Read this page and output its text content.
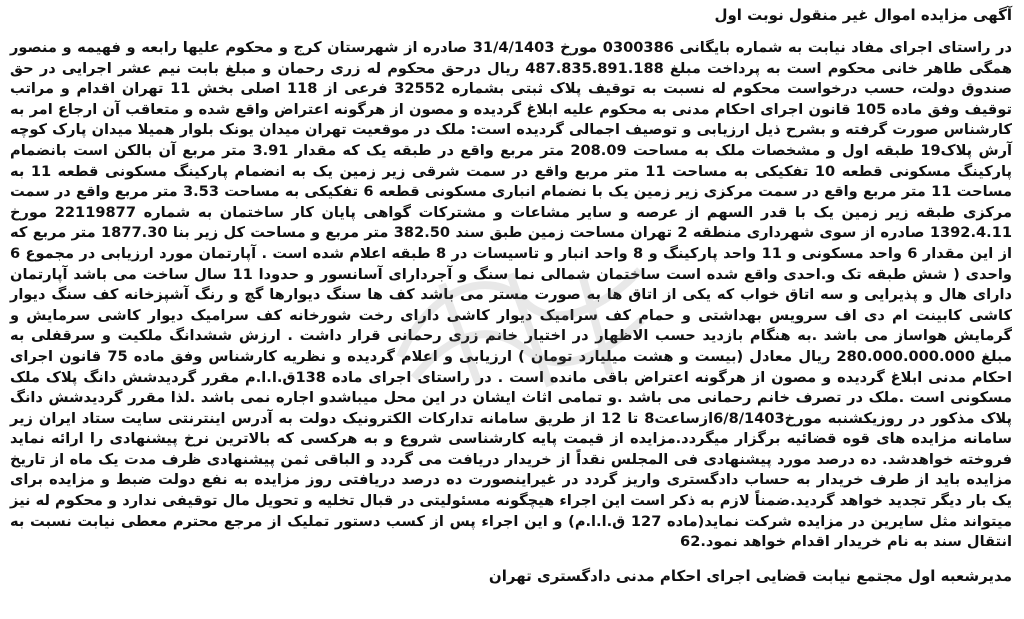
آگهی مزایده اموال غیر منقول نوبت اول

در راستای اجرای مفاد نیابت به شماره بایگانی 0300386 مورخ 31/4/1403 صادره از شهرستان کرج و محکوم علیها رابعه و فهیمه و منصور همگی طاهر خانی محکوم است به پرداخت مبلغ 487.835.891.188 ریال درحق محکوم له زری رحمان و مبلغ بابت نیم عشر اجرایی در حق صندوق دولت، حسب درخواست محکوم له نسبت به توقیف پلاک ثبتی بشماره 32552 فرعی از 118 اصلی بخش 11 تهران اقدام و مراتب توقیف وفق ماده 105 قانون اجرای احکام مدنی به محکوم علیه ابلاغ گردیده و مصون از هرگونه اعتراض واقع شده و متعاقب آن ارجاع امر به کارشناس صورت گرفته و بشرح ذیل ارزیابی و توصیف اجمالی گردیده است: ملک در موقعیت تهران میدان یونک بلوار همیلا میدان پارک کوچه آرش پلاک19 طبقه اول و مشخصات ملک به مساحت 208.09 متر مربع واقع در طبقه یک که مقدار 3.91 متر مربع آن بالکن است بانضمام پارکینگ مسکونی قطعه 10 تفکیکی به مساحت 11 متر مربع واقع در سمت شرقی زیر زمین یک به انضمام پارکینگ مسکونی قطعه 11 به مساحت 11 متر مربع واقع در سمت مرکزی زیر زمین یک با نضمام انباری مسکونی قطعه 6 تفکیکی به مساحت 3.53 متر مربع واقع در سمت مرکزی طبقه زیر زمین یک با قدر السهم از عرصه و سایر مشاعات و مشترکات گواهی پایان کار ساختمان به شماره 22119877 مورخ 1392.4.11 صادره از سوی شهرداری منطقه 2 تهران مساحت زمین طبق سند 382.50 متر مربع و مساحت کل زیر بنا 1877.30 متر مربع که از این مقدار 6 واحد مسکونی و 11 واحد پارکینگ و 8 واحد انبار و تاسیسات در 8 طبقه اعلام شده است . آپارتمان مورد ارزیابی در مجموع 6 واحدی ( شش طبقه تک و.احدی واقع شده است ساختمان شمالی نما سنگ و آجردارای آسانسور و حدودا 11 سال ساخت می باشد آپارتمان دارای هال و پذیرایی و سه اتاق خواب که یکی از اتاق ها به صورت مستر می باشد کف ها سنگ دیوارها گچ و رنگ آشپزخانه کف سنگ دیوار کاشی کابینت ام دی اف سرویس بهداشتی و حمام کف سرامیک دیوار کاشی دارای رخت شورخانه کف سرامیک دیوار کاشی سرمایش و گرمایش هواساز می باشد .به هنگام بازدید حسب الاظهار در اختیار خانم زری رحمانی قرار داشت . ارزش ششدانگ ملکیت و سرقفلی به مبلغ 280.000.000.000 ریال معادل (بیست و هشت میلیارد تومان ) ارزیابی و اعلام گردیده و نظریه کارشناس وفق ماده 75 قانون اجرای احکام مدنی ابلاغ گردیده و مصون از هرگونه اعتراض باقی مانده است . در راستای اجرای ماده 138ق.ا.ا.م مقرر گردیدشش دانگ پلاک ملک مسکونی است .ملک در تصرف خانم رحمانی می باشد .و تمامی اثاث ایشان در این محل میباشدو اجاره نمی باشد .لذا مقرر گردیدشش دانگ پلاک مذکور در روزیکشنبه مورخ6/8/1403ازساعت8 تا 12 از طریق سامانه تدارکات الکترونیک دولت به آدرس اینترنتی سایت ستاد ایران زیر سامانه مزایده های قوه قضائیه برگزار میگردد.مزایده از قیمت پایه کارشناسی شروع و به هرکسی که بالاترین نرخ پیشنهادی را ارائه نماید فروخته خواهدشد. ده درصد مورد پیشنهادی فی المجلس نقداً از خریدار دریافت می گردد و الباقی ثمن پیشنهادی ظرف مدت یک ماه از تاریخ مزایده باید از طرف خریدار به حساب دادگستری واریز گردد در غیراینصورت ده درصد دریافتی روز مزایده به نفع دولت ضبط و مزایده برای یک بار دیگر تجدید خواهد گردید.ضمناً لازم به ذکر است این اجراء هیچگونه مسئولیتی در قبال تخلیه و تحویل مال توقیفی ندارد و محکوم له نیز میتواند مثل سایرین در مزایده شرکت نماید(ماده 127 ق.ا.ا.م) و این اجراء پس از کسب دستور تملیک از مرجع محترم معطی نیابت نسبت به انتقال سند به نام خریدار اقدام خواهد نمود.62

مدیرشعبه اول مجتمع نیابت قضایی اجرای احکام مدنی دادگستری تهران
